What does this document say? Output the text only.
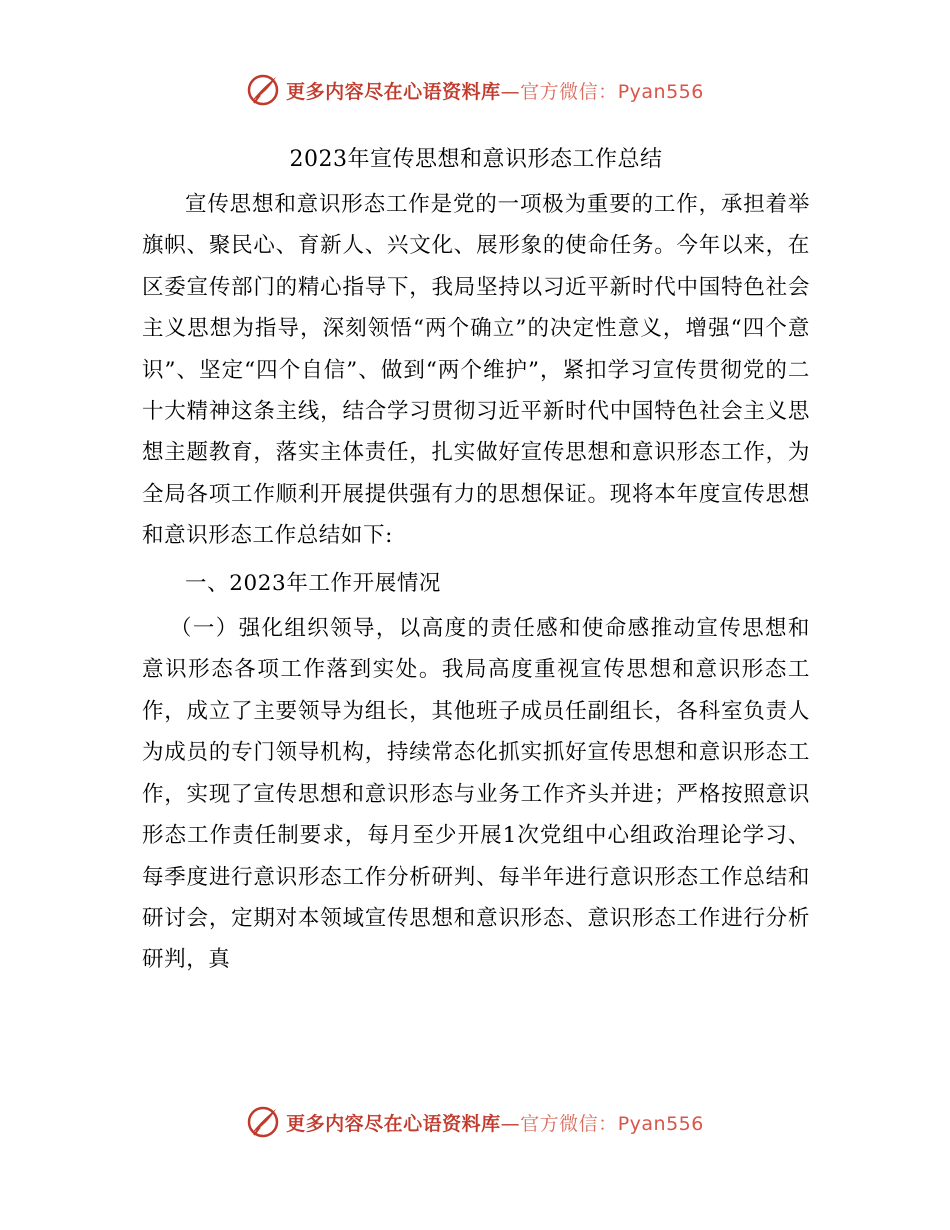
更多内容尽在心语资料库—官方微信：Pyan556
2023年宣传思想和意识形态工作总结

宣传思想和意识形态工作是党的一项极为重要的工作，承担着举旗帜、聚民心、育新人、兴文化、展形象的使命任务。今年以来，在区委宣传部门的精心指导下，我局坚持以习近平新时代中国特色社会主义思想为指导，深刻领悟“两个确立”的决定性意义，增强“四个意识”、坚定“四个自信”、做到“两个维护”，紧扣学习宣传贯彻党的二十大精神这条主线，结合学习贯彻习近平新时代中国特色社会主义思想主题教育，落实主体责任，扎实做好宣传思想和意识形态工作，为全局各项工作顺利开展提供强有力的思想保证。现将本年度宣传思想和意识形态工作总结如下:

一、2023年工作开展情况

（一）强化组织领导，以高度的责任感和使命感推动宣传思想和意识形态各项工作落到实处。我局高度重视宣传思想和意识形态工作，成立了主要领导为组长，其他班子成员任副组长，各科室负责人为成员的专门领导机构，持续常态化抓实抓好宣传思想和意识形态工作，实现了宣传思想和意识形态与业务工作齐头并进；严格按照意识形态工作责任制要求，每月至少开展1次党组中心组政治理论学习、每季度进行意识形态工作分析研判、每半年进行意识形态工作总结和研讨会，定期对本领域宣传思想和意识形态、意识形态工作进行分析研判，真

更多内容尽在心语资料库—官方微信：Pyan556
